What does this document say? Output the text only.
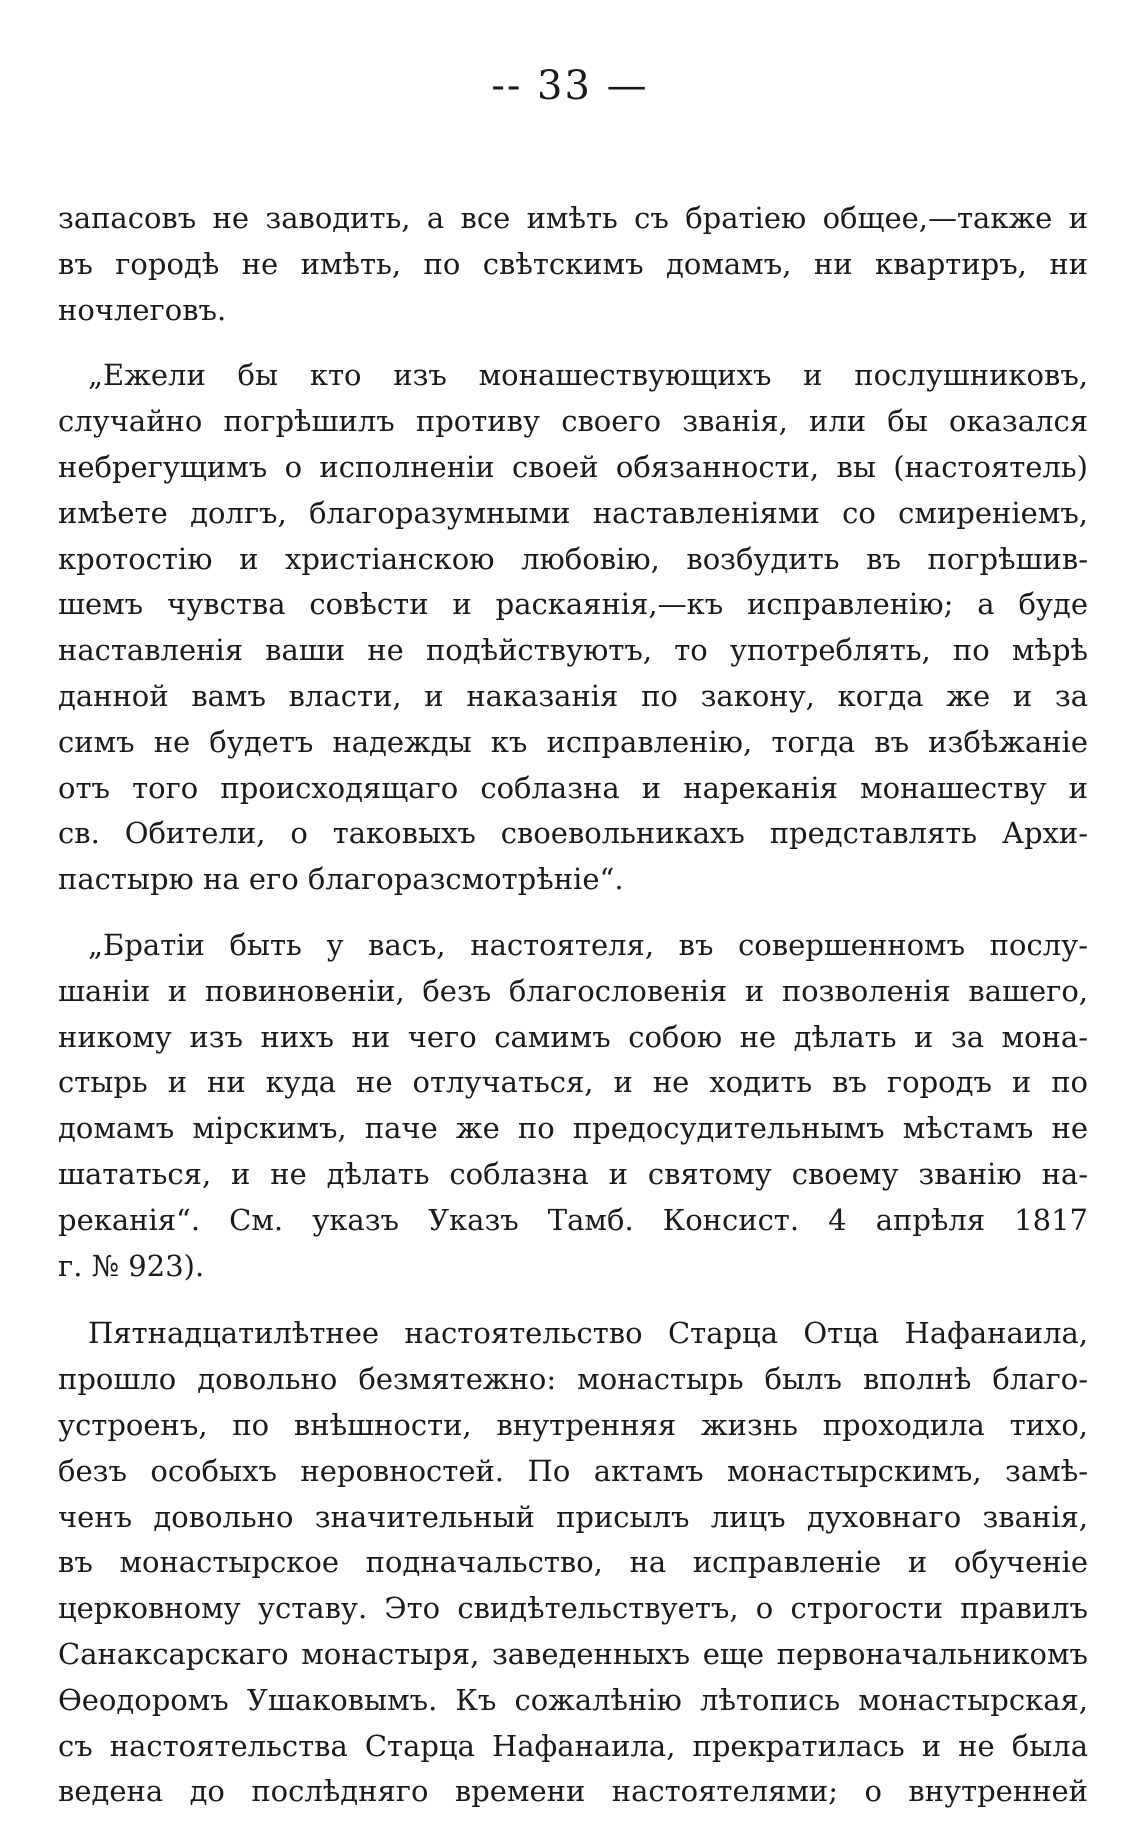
-- 33 —
запасовъ не заводить, а все имѣть съ братіею общее,—также и
въ городѣ не имѣть, по свѣтскимъ домамъ, ни квартиръ, ни
ночлеговъ.
„Ежели бы кто изъ монашествующихъ и послушниковъ,
случайно погрѣшилъ противу своего званія, или бы оказался
небрегущимъ о исполненіи своей обязанности, вы (настоятель)
имѣете долгъ, благоразумными наставленіями со смиреніемъ,
кротостію и христіанскою любовію, возбудить въ погрѣшив-
шемъ чувства совѣсти и раскаянія,—къ исправленію; а буде
наставленія ваши не подѣйствуютъ, то употреблять, по мѣрѣ
данной вамъ власти, и наказанія по закону, когда же и за
симъ не будетъ надежды къ исправленію, тогда въ избѣжаніе
отъ того происходящаго соблазна и нареканія монашеству и
св. Обители, о таковыхъ своевольникахъ представлять Архи-
пастырю на его благоразсмотрѣніе“.
„Братіи быть у васъ, настоятеля, въ совершенномъ послу-
шаніи и повиновеніи, безъ благословенія и позволенія вашего,
никому изъ нихъ ни чего самимъ собою не дѣлать и за мона-
стырь и ни куда не отлучаться, и не ходить въ городъ и по
домамъ мірскимъ, паче же по предосудительнымъ мѣстамъ не
шататься, и не дѣлать соблазна и святому своему званію на-
реканія“. См. указъ Указъ Тамб. Консист. 4 апрѣля 1817
г. № 923).
Пятнадцатилѣтнее настоятельство Старца Отца Нафанаила,
прошло довольно безмятежно: монастырь былъ вполнѣ благо-
устроенъ, по внѣшности, внутренняя жизнь проходила тихо,
безъ особыхъ неровностей. По актамъ монастырскимъ, замѣ-
ченъ довольно значительный присылъ лицъ духовнаго званія,
въ монастырское подначальство, на исправленіе и обученіе
церковному уставу. Это свидѣтельствуетъ, о строгости правилъ
Санаксарскаго монастыря, заведенныхъ еще первоначальникомъ
Ѳеодоромъ Ушаковымъ. Къ сожалѣнію лѣтопись монастырская,
съ настоятельства Старца Нафанаила, прекратилась и не была
ведена до послѣдняго времени настоятелями; о внутренней
